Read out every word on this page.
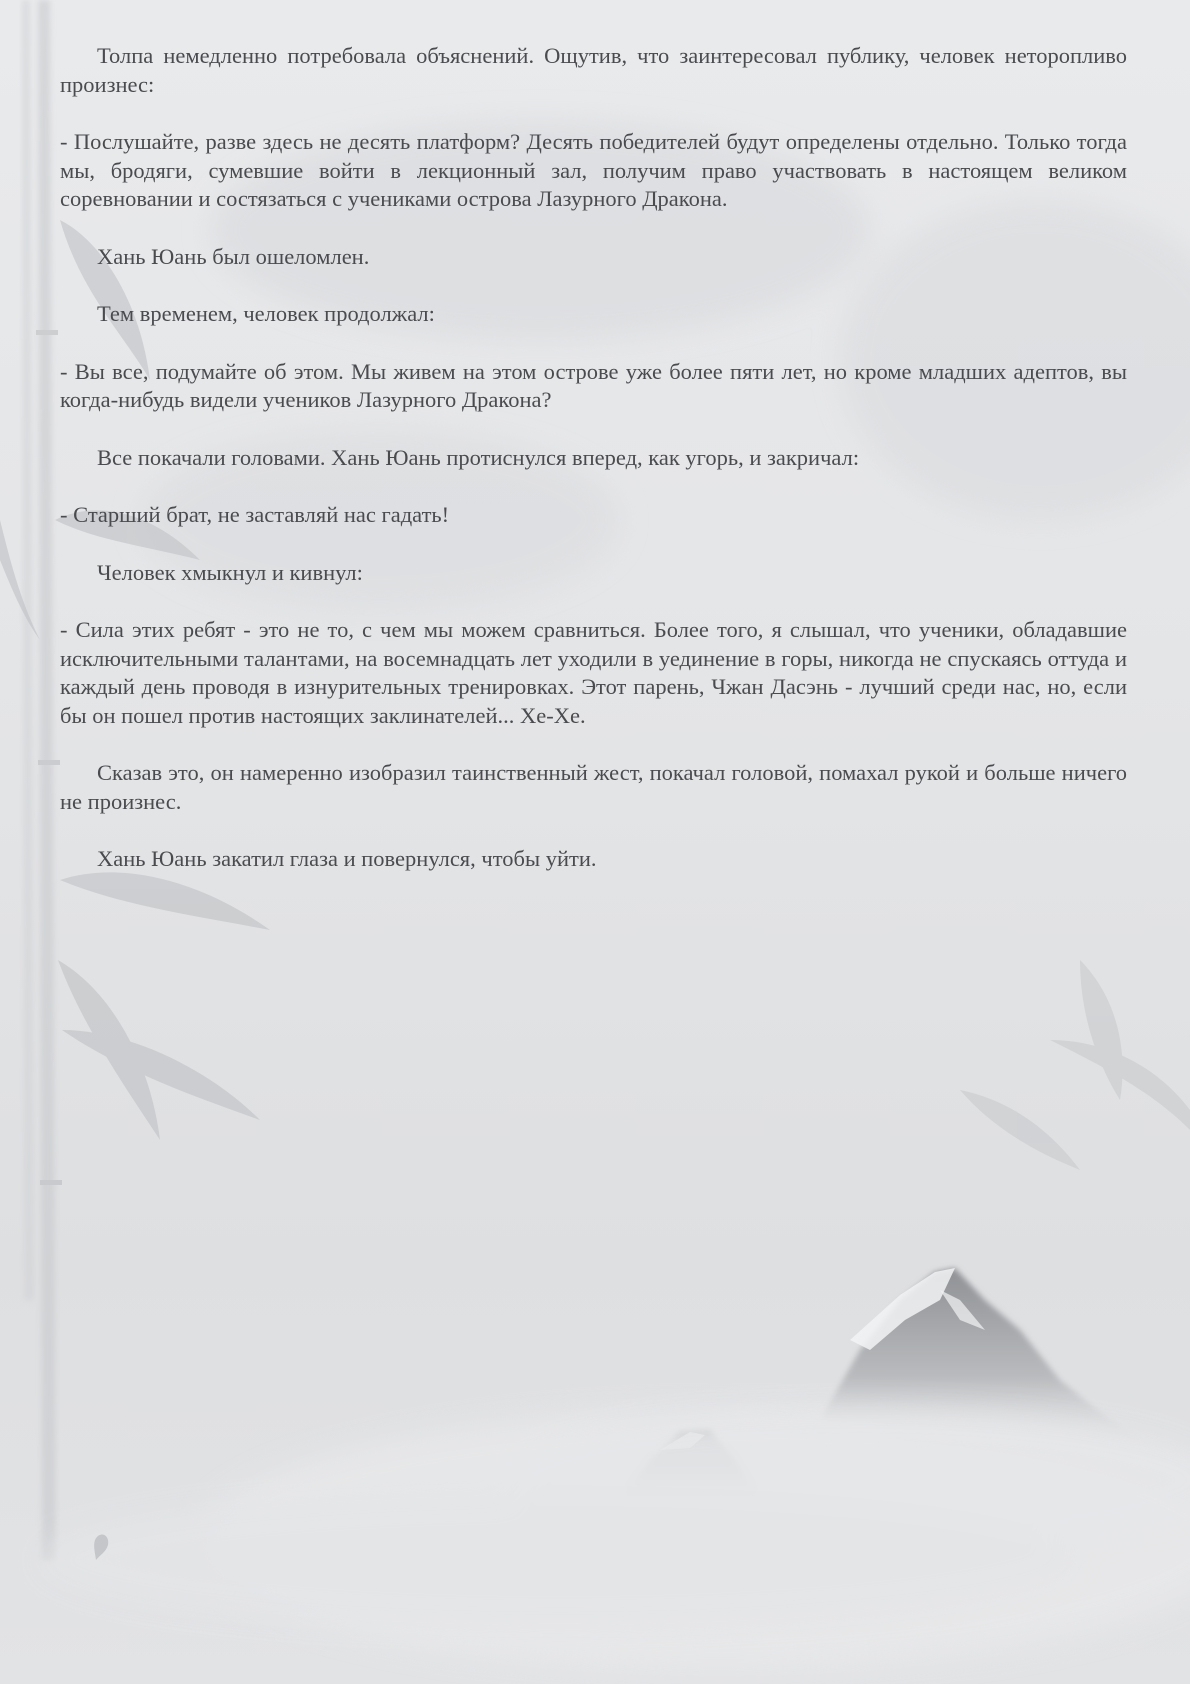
Толпа немедленно потребовала объяснений. Ощутив, что заинтересовал публику, человек неторопливо произнес:

- Послушайте, разве здесь не десять платформ? Десять победителей будут определены отдельно. Только тогда мы, бродяги, сумевшие войти в лекционный зал, получим право участвовать в настоящем великом соревновании и состязаться с учениками острова Лазурного Дракона.

Хань Юань был ошеломлен.

Тем временем, человек продолжал:

- Вы все, подумайте об этом. Мы живем на этом острове уже более пяти лет, но кроме младших адептов, вы когда-нибудь видели учеников Лазурного Дракона?

Все покачали головами. Хань Юань протиснулся вперед, как угорь, и закричал:

- Старший брат, не заставляй нас гадать!

Человек хмыкнул и кивнул:

- Сила этих ребят - это не то, с чем мы можем сравниться. Более того, я слышал, что ученики, обладавшие исключительными талантами, на восемнадцать лет уходили в уединение в горы, никогда не спускаясь оттуда и каждый день проводя в изнурительных тренировках. Этот парень, Чжан Дасэнь - лучший среди нас, но, если бы он пошел против настоящих заклинателей... Хе-Хе.

Сказав это, он намеренно изобразил таинственный жест, покачал головой, помахал рукой и больше ничего не произнес.

Хань Юань закатил глаза и повернулся, чтобы уйти.
